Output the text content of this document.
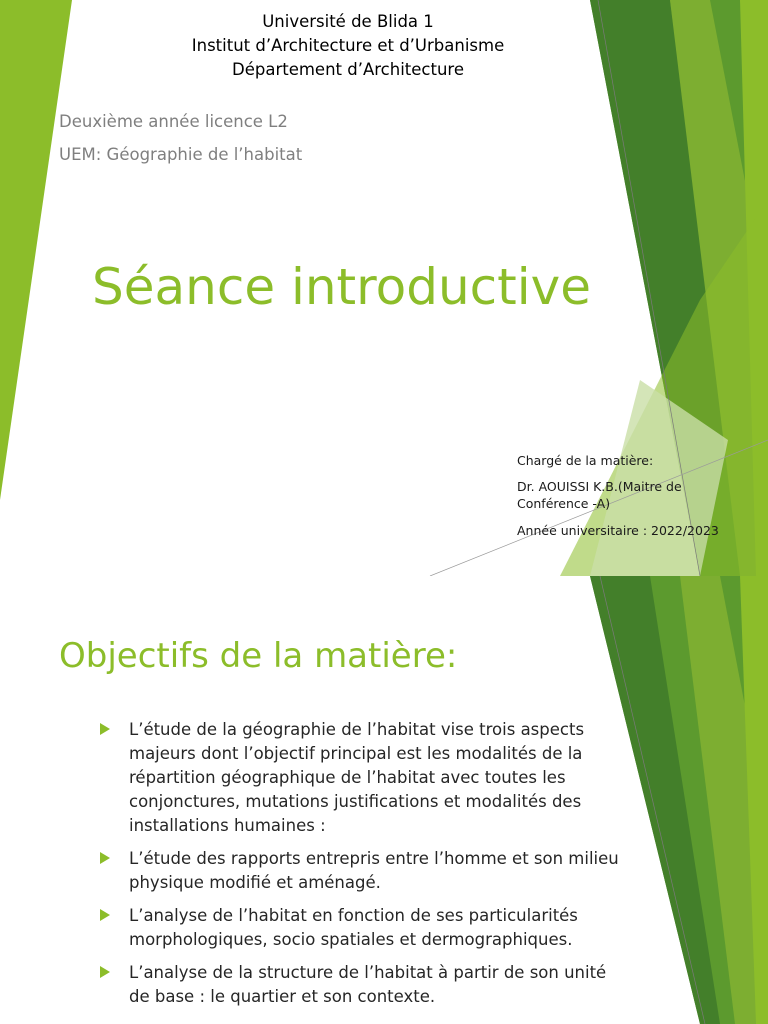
Université de Blida 1
Institut d’Architecture et d’Urbanisme
Département d’Architecture
Deuxième année licence L2
UEM: Géographie de l’habitat
Séance introductive
Chargé de la matière:
Dr. AOUISSI K.B.(Maitre de
Conférence -A)
Année universitaire : 2022/2023
Objectifs de la matière:
L’étude de la géographie de l’habitat vise trois aspects majeurs dont l’objectif principal est les modalités de la répartition géographique de l’habitat avec toutes les conjonctures, mutations justifications et modalités des installations humaines :
L’étude des rapports entrepris entre l’homme et son milieu physique modifié et aménagé.
L’analyse de l’habitat en fonction de ses particularités morphologiques, socio spatiales et dermographiques.
L’analyse de la structure de l’habitat à partir de son unité de base : le quartier et son contexte.
